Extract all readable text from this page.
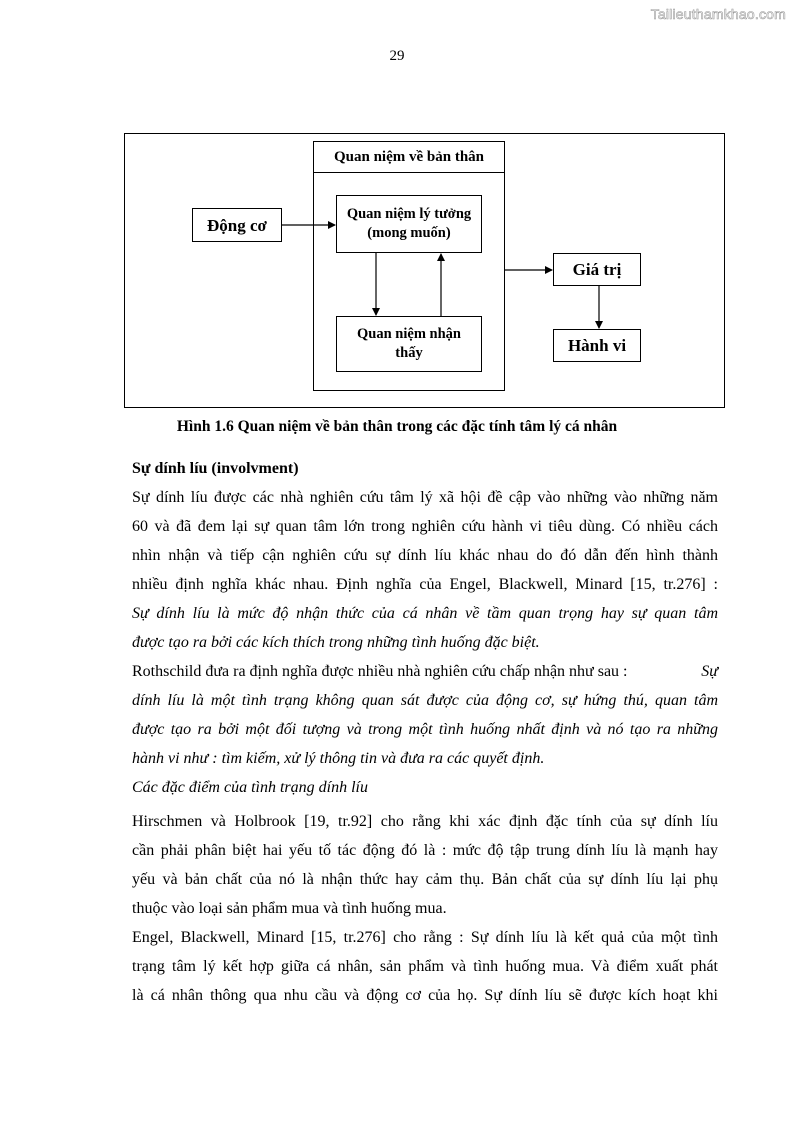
Tailieuthamkhao.com
29
Quan niệm về bản thân
Động cơ
Quan niệm lý tưởng
(mong muốn)
Quan niệm nhận
thấy
Giá trị
Hành vi
Hình 1.6 Quan niệm về bản thân trong các đặc tính tâm lý cá nhân
Sự dính líu (involvment)
Sự dính líu được các nhà nghiên cứu tâm lý xã hội đề cập vào những vào những năm
60 và đã đem lại sự quan tâm lớn trong nghiên cứu hành vi tiêu dùng. Có nhiều cách
nhìn nhận và tiếp cận nghiên cứu sự dính líu khác nhau do đó dẫn đến hình thành
nhiều định nghĩa khác nhau. Định nghĩa của Engel, Blackwell, Minard [15, tr.276] :
Sự dính líu là mức độ nhận thức của cá nhân về tầm quan trọng hay sự quan tâm
được tạo ra bởi các kích thích trong những tình huống đặc biệt.
Rothschild đưa ra định nghĩa được nhiều nhà nghiên cứu chấp nhận như sau :	Sự
dính líu là một tình trạng không quan sát được của động cơ, sự hứng thú, quan tâm
được tạo ra bởi một đối tượng và trong một tình huống nhất định và nó tạo ra những
hành vi như : tìm kiếm, xử lý thông tin và đưa ra các quyết định.
Các đặc điểm của tình trạng dính líu
Hirschmen và Holbrook [19, tr.92] cho rằng khi xác định đặc tính của sự dính líu
cần phải phân biệt hai yếu tố tác động đó là : mức độ tập trung dính líu là mạnh hay
yếu và bản chất của nó là nhận thức hay cảm thụ. Bản chất của sự dính líu lại phụ
thuộc vào loại sản phẩm mua và tình huống mua.
Engel, Blackwell, Minard [15, tr.276] cho rằng : Sự dính líu là kết quả của một tình
trạng tâm lý kết hợp giữa cá nhân, sản phẩm và tình huống mua. Và điểm xuất phát
là cá nhân thông qua nhu cầu và động cơ của họ. Sự dính líu sẽ được kích hoạt khi
